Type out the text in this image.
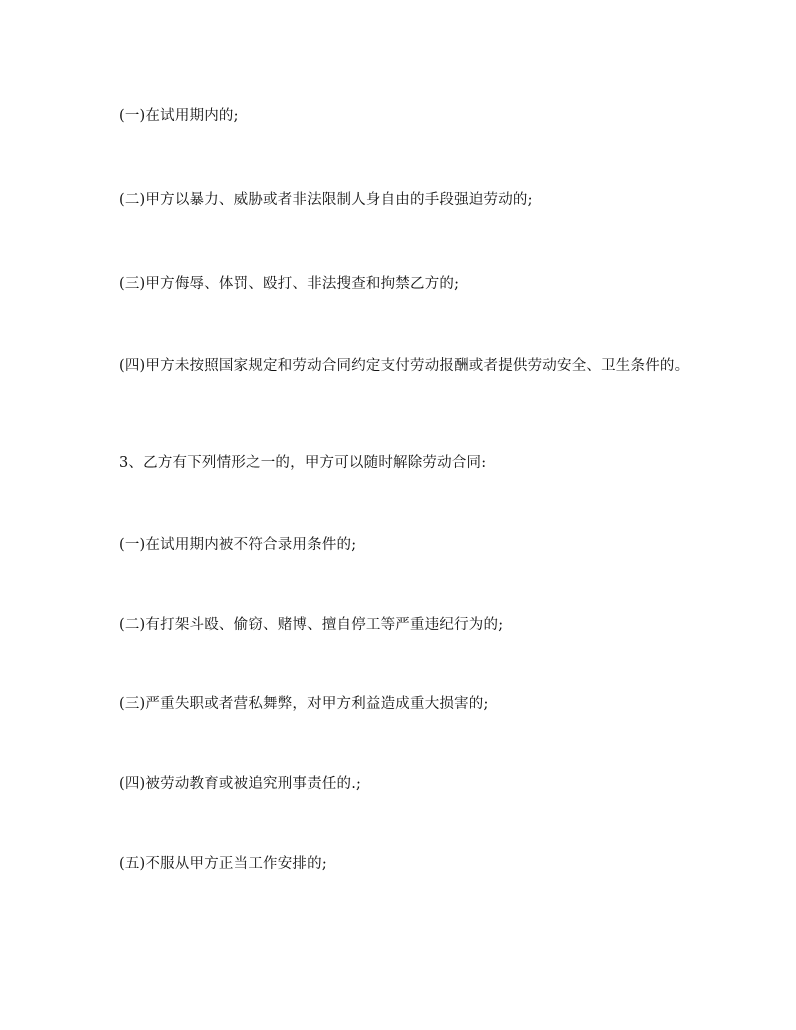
(一)在试用期内的;

(二)甲方以暴力、威胁或者非法限制人身自由的手段强迫劳动的;

(三)甲方侮辱、体罚、殴打、非法搜查和拘禁乙方的;

(四)甲方未按照国家规定和劳动合同约定支付劳动报酬或者提供劳动安全、卫生条件的。

3、乙方有下列情形之一的，甲方可以随时解除劳动合同:

(一)在试用期内被不符合录用条件的;

(二)有打架斗殴、偷窃、赌博、擅自停工等严重违纪行为的;

(三)严重失职或者营私舞弊，对甲方利益造成重大损害的;

(四)被劳动教育或被追究刑事责任的.;

(五)不服从甲方正当工作安排的;
